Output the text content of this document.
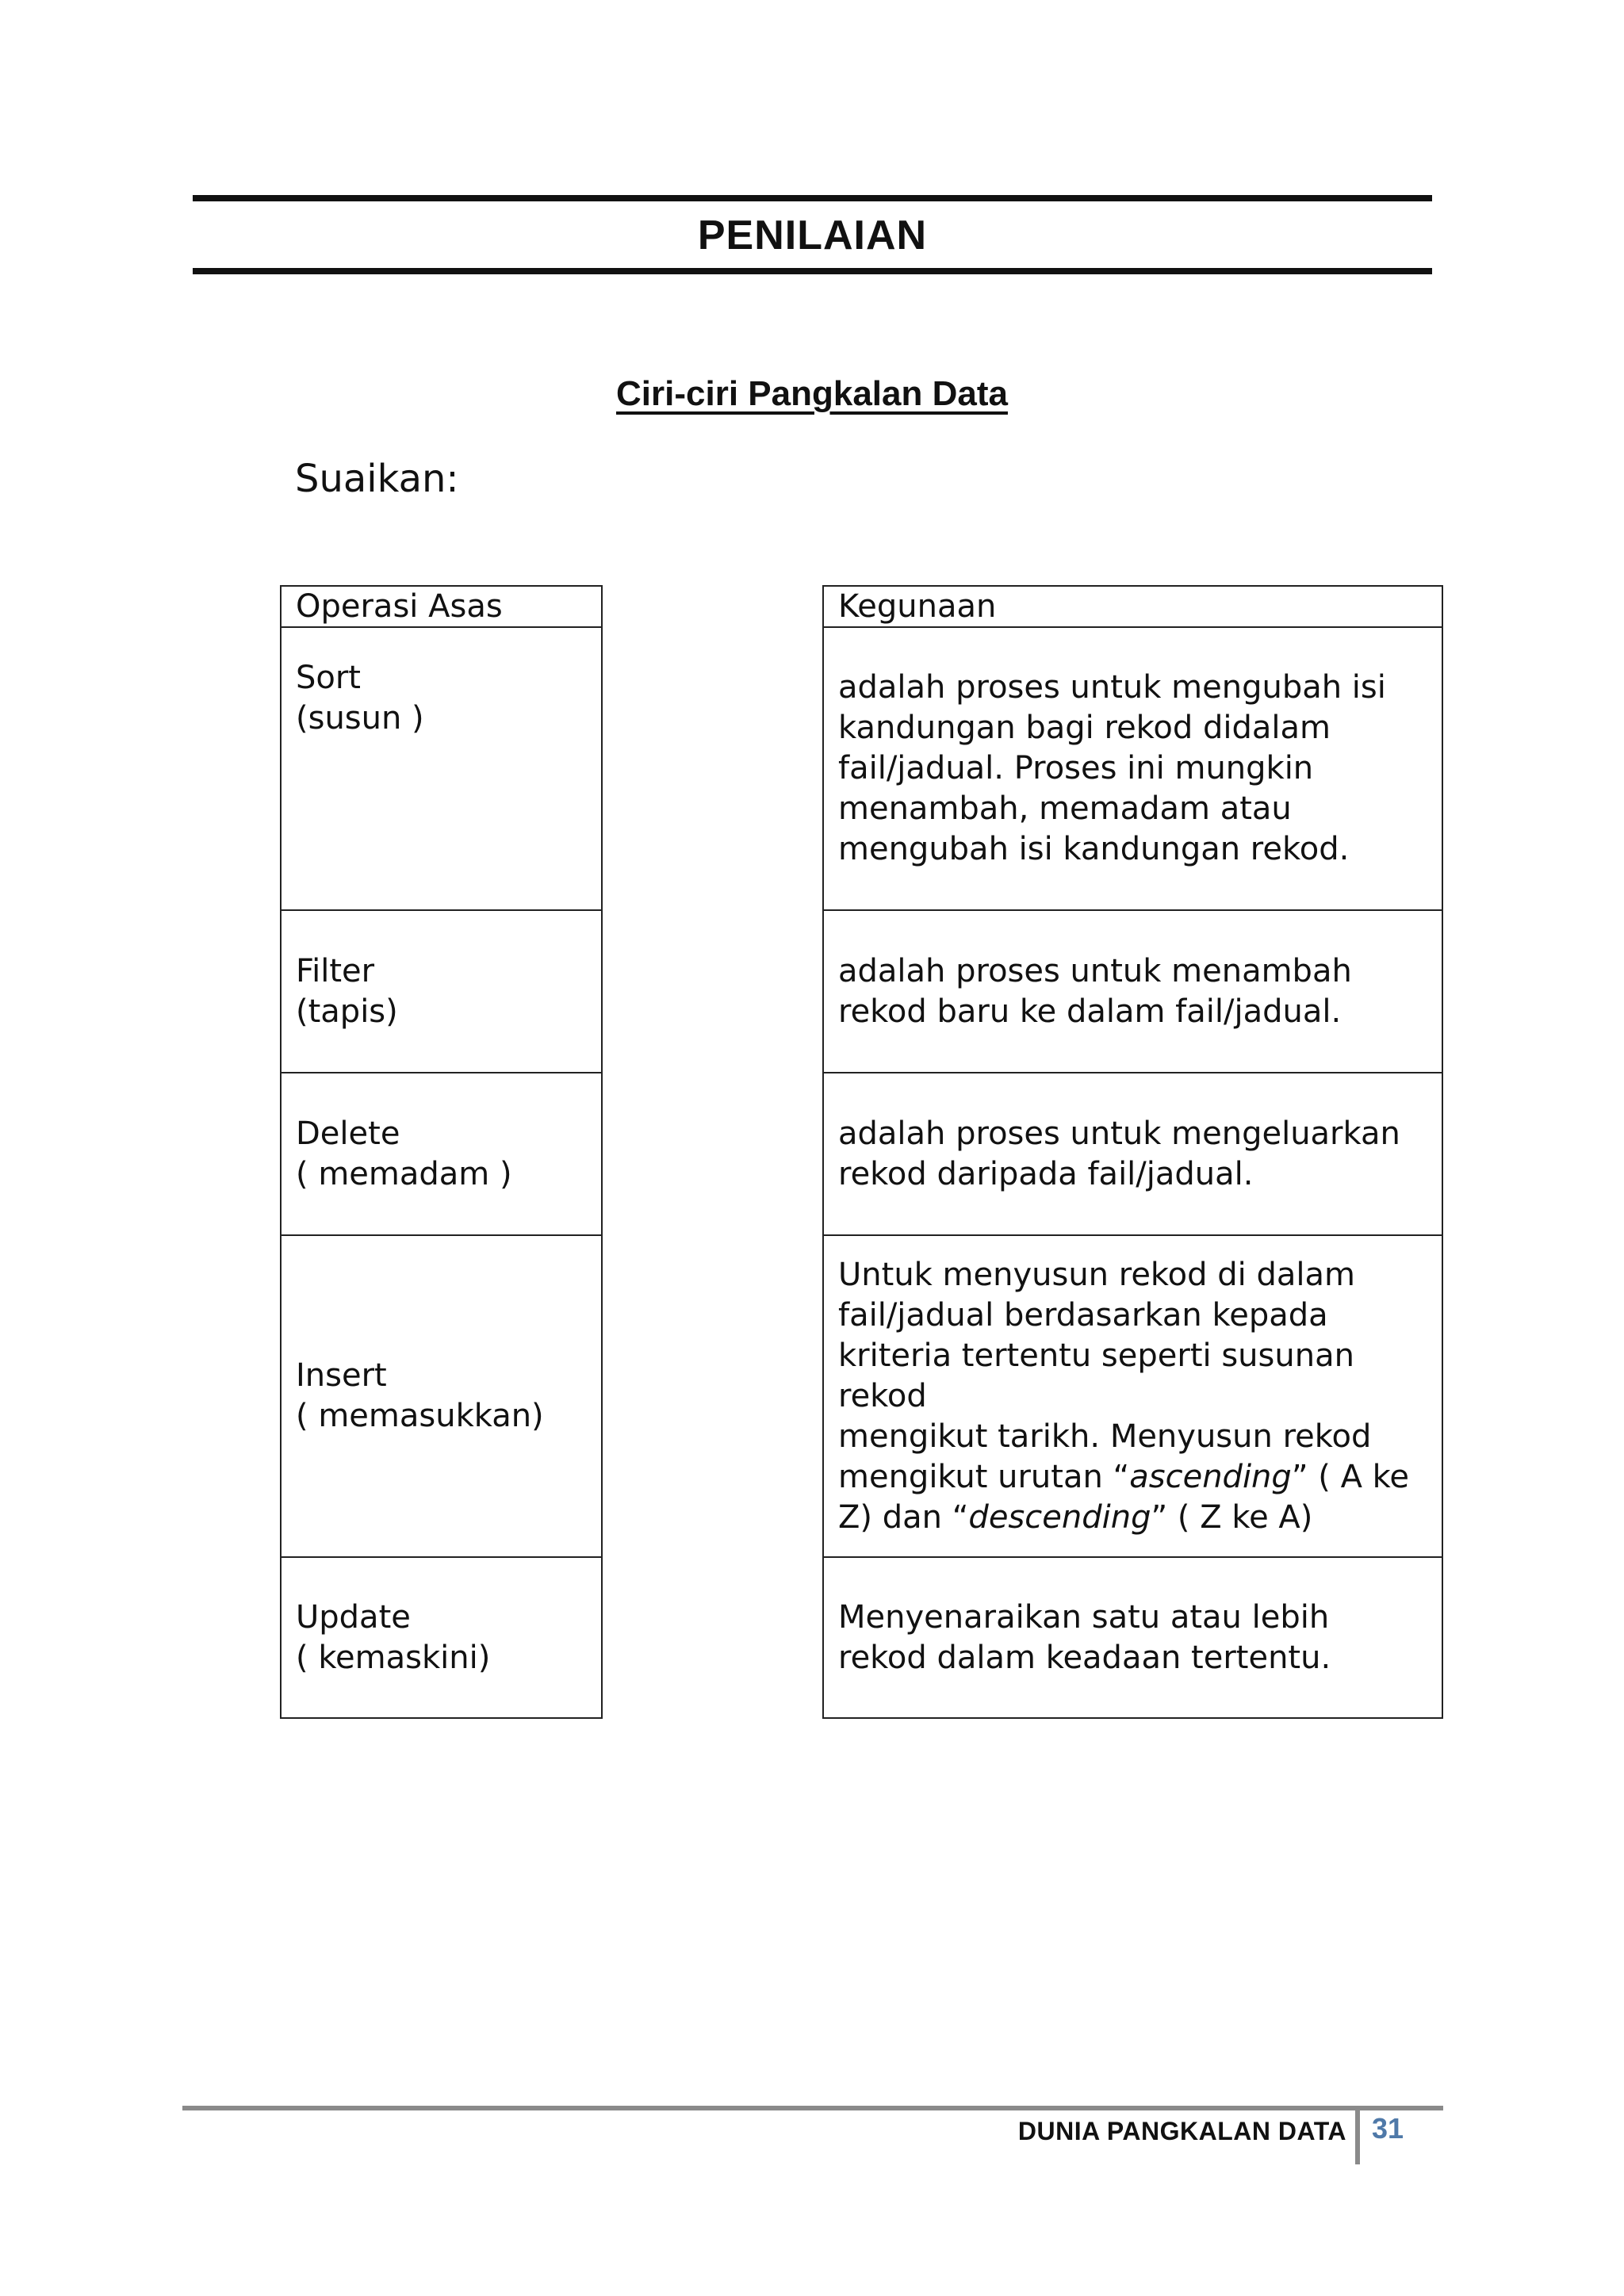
PENILAIAN
Ciri-ciri Pangkalan Data
Suaikan:
Operasi Asas
Sort
(susun )
Filter
(tapis)
Delete
( memadam )
Insert
( memasukkan)
Update
( kemaskini)
Kegunaan
adalah proses untuk mengubah isi
kandungan bagi rekod didalam
fail/jadual. Proses ini mungkin
menambah, memadam atau
mengubah isi kandungan rekod.
adalah proses untuk menambah
rekod baru ke dalam fail/jadual.
adalah proses untuk mengeluarkan
rekod daripada fail/jadual.
Untuk menyusun rekod di dalam
fail/jadual berdasarkan kepada
kriteria tertentu seperti susunan rekod
mengikut tarikh. Menyusun rekod
mengikut urutan “ascending” ( A ke
Z) dan “descending” ( Z ke A)
Menyenaraikan satu atau lebih
rekod dalam keadaan tertentu.
DUNIA PANGKALAN DATA 31
